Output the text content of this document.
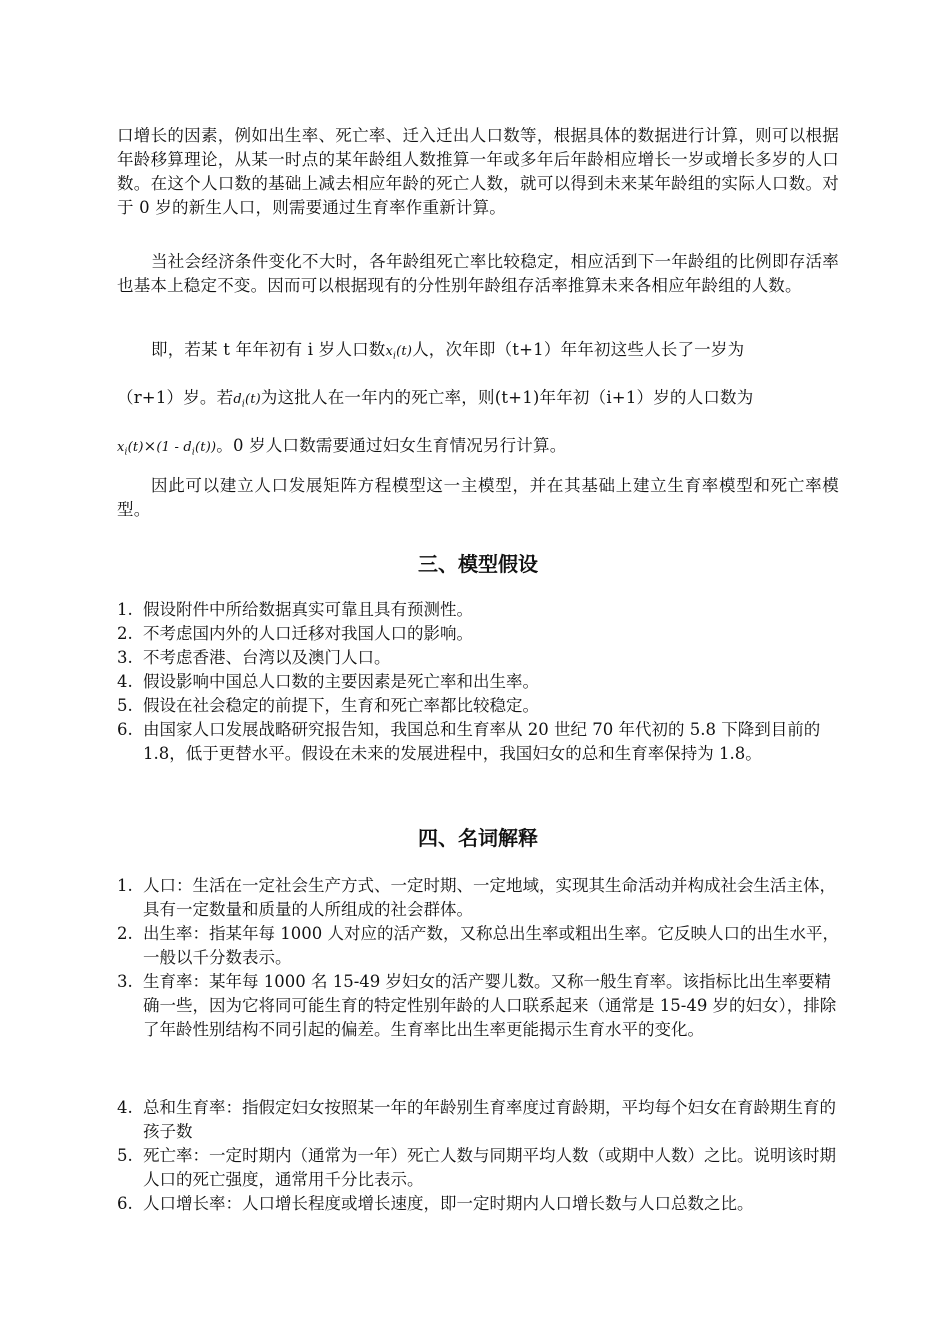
口增长的因素，例如出生率、死亡率、迁入迁出人口数等，根据具体的数据进行计算，则可以根据年龄移算理论，从某一时点的某年龄组人数推算一年或多年后年龄相应增长一岁或增长多岁的人口数。在这个人口数的基础上减去相应年龄的死亡人数，就可以得到未来某年龄组的实际人口数。对于 0 岁的新生人口，则需要通过生育率作重新计算。

当社会经济条件变化不大时，各年龄组死亡率比较稳定，相应活到下一年龄组的比例即存活率也基本上稳定不变。因而可以根据现有的分性别年龄组存活率推算未来各相应年龄组的人数。

即，若某 t 年年初有 i 岁人口数$x_i(t)$人，次年即（t+1）年年初这些人长了一岁为

（r+1）岁。若$d_i(t)$为这批人在一年内的死亡率，则(t+1)年年初（i+1）岁的人口数为

$x_i(t)\times(1 - d_i(t))$。0 岁人口数需要通过妇女生育情况另行计算。

因此可以建立人口发展矩阵方程模型这一主模型，并在其基础上建立生育率模型和死亡率模型。

三、模型假设
1. 假设附件中所给数据真实可靠且具有预测性。
2. 不考虑国内外的人口迁移对我国人口的影响。
3. 不考虑香港、台湾以及澳门人口。
4. 假设影响中国总人口数的主要因素是死亡率和出生率。
5. 假设在社会稳定的前提下，生育和死亡率都比较稳定。
6. 由国家人口发展战略研究报告知，我国总和生育率从 20 世纪 70 年代初的 5.8 下降到目前的 1.8，低于更替水平。假设在未来的发展进程中，我国妇女的总和生育率保持为 1.8。
四、名词解释
1. 人口：生活在一定社会生产方式、一定时期、一定地域，实现其生命活动并构成社会生活主体，具有一定数量和质量的人所组成的社会群体。
2. 出生率：指某年每 1000 人对应的活产数，又称总出生率或粗出生率。它反映人口的出生水平，一般以千分数表示。
3. 生育率：某年每 1000 名 15-49 岁妇女的活产婴儿数。又称一般生育率。该指标比出生率要精确一些，因为它将同可能生育的特定性别年龄的人口联系起来（通常是 15-49 岁的妇女），排除了年龄性别结构不同引起的偏差。生育率比出生率更能揭示生育水平的变化。
4. 总和生育率：指假定妇女按照某一年的年龄别生育率度过育龄期，平均每个妇女在育龄期生育的孩子数
5. 死亡率：一定时期内（通常为一年）死亡人数与同期平均人数（或期中人数）之比。说明该时期人口的死亡强度，通常用千分比表示。
6. 人口增长率：人口增长程度或增长速度，即一定时期内人口增长数与人口总数之比。
